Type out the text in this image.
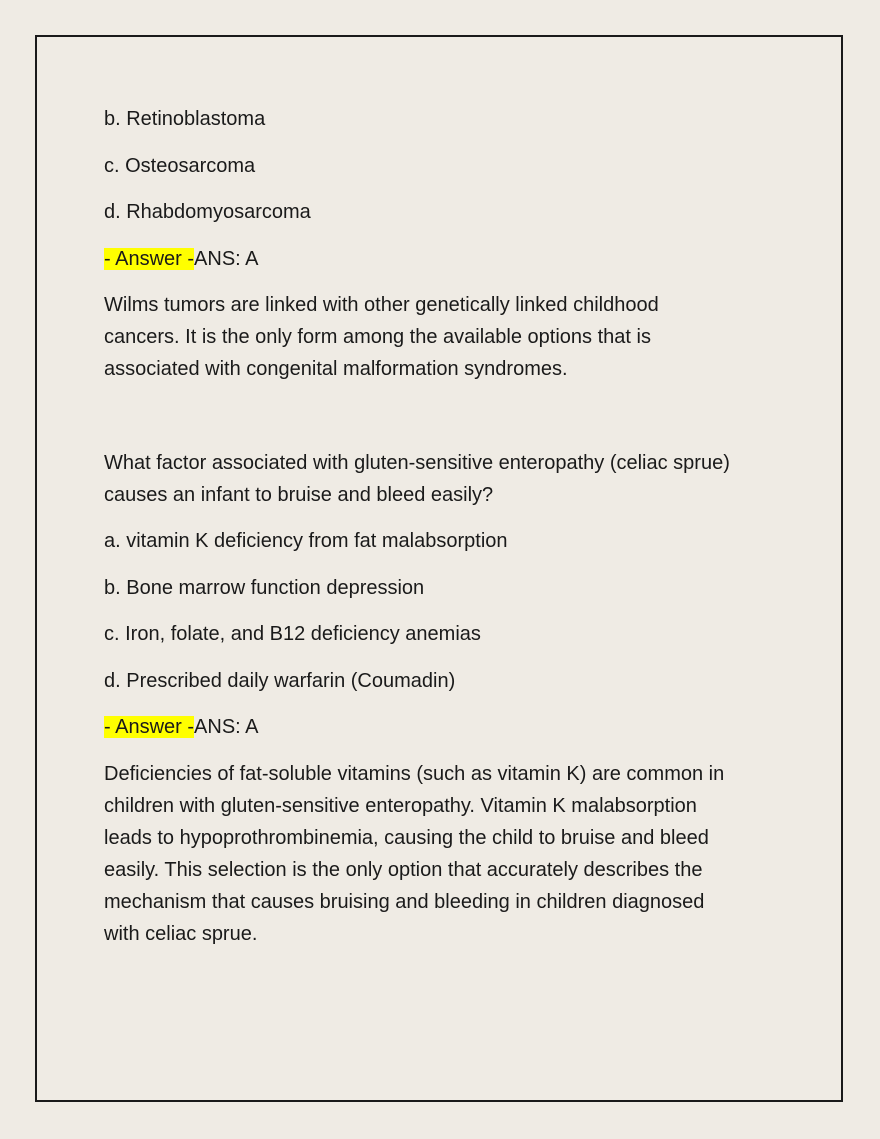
b. Retinoblastoma

c. Osteosarcoma

d. Rhabdomyosarcoma

- Answer -ANS: A

Wilms tumors are linked with other genetically linked childhood
cancers. It is the only form among the available options that is
associated with congenital malformation syndromes.
What factor associated with gluten-sensitive enteropathy (celiac sprue)
causes an infant to bruise and bleed easily?

a. vitamin K deficiency from fat malabsorption

b. Bone marrow function depression

c. Iron, folate, and B12 deficiency anemias

d. Prescribed daily warfarin (Coumadin)

- Answer -ANS: A

Deficiencies of fat-soluble vitamins (such as vitamin K) are common in
children with gluten-sensitive enteropathy. Vitamin K malabsorption
leads to hypoprothrombinemia, causing the child to bruise and bleed
easily. This selection is the only option that accurately describes the
mechanism that causes bruising and bleeding in children diagnosed
with celiac sprue.
